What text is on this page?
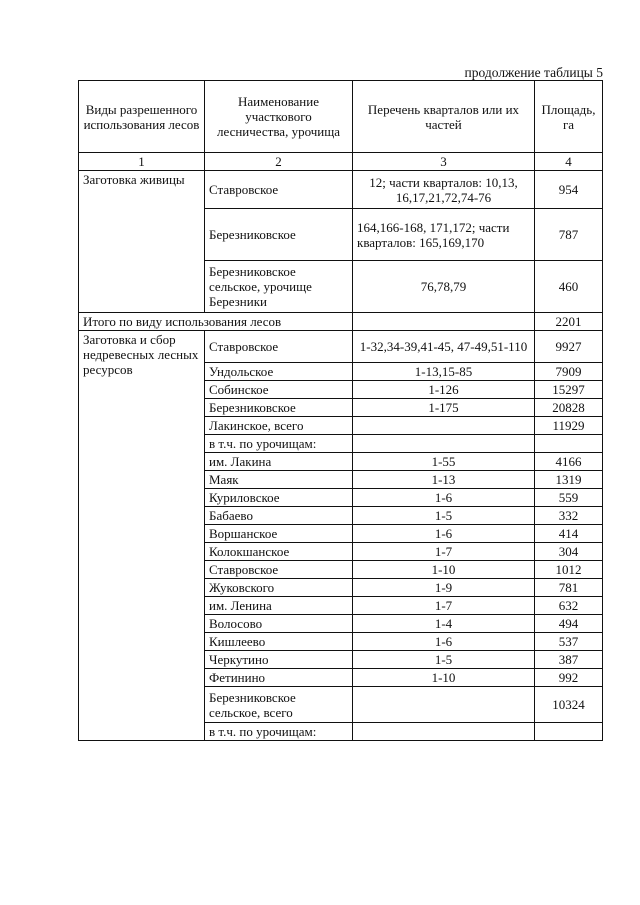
продолжение таблицы 5
Виды разрешенного использования лесов	Наименование участкового лесничества, урочища	Перечень кварталов или их частей	Площадь, га
1	2	3	4
Заготовка живицы	Ставровское	12; части кварталов: 10,13, 16,17,21,72,74-76	954
	Березниковское	164,166-168, 171,172; части кварталов: 165,169,170	787
	Березниковское сельское, урочище Березники	76,78,79	460
Итого по виду использования лесов			2201
Заготовка и сбор недревесных лесных ресурсов	Ставровское	1-32,34-39,41-45, 47-49,51-110	9927
	Ундольское	1-13,15-85	7909
	Собинское	1-126	15297
	Березниковское	1-175	20828
	Лакинское, всего		11929
	в т.ч. по урочищам:		
	им. Лакина	1-55	4166
	Маяк	1-13	1319
	Куриловское	1-6	559
	Бабаево	1-5	332
	Воршанское	1-6	414
	Колокшанское	1-7	304
	Ставровское	1-10	1012
	Жуковского	1-9	781
	им. Ленина	1-7	632
	Волосово	1-4	494
	Кишлеево	1-6	537
	Черкутино	1-5	387
	Фетинино	1-10	992
	Березниковское сельское, всего		10324
	в т.ч. по урочищам:		
